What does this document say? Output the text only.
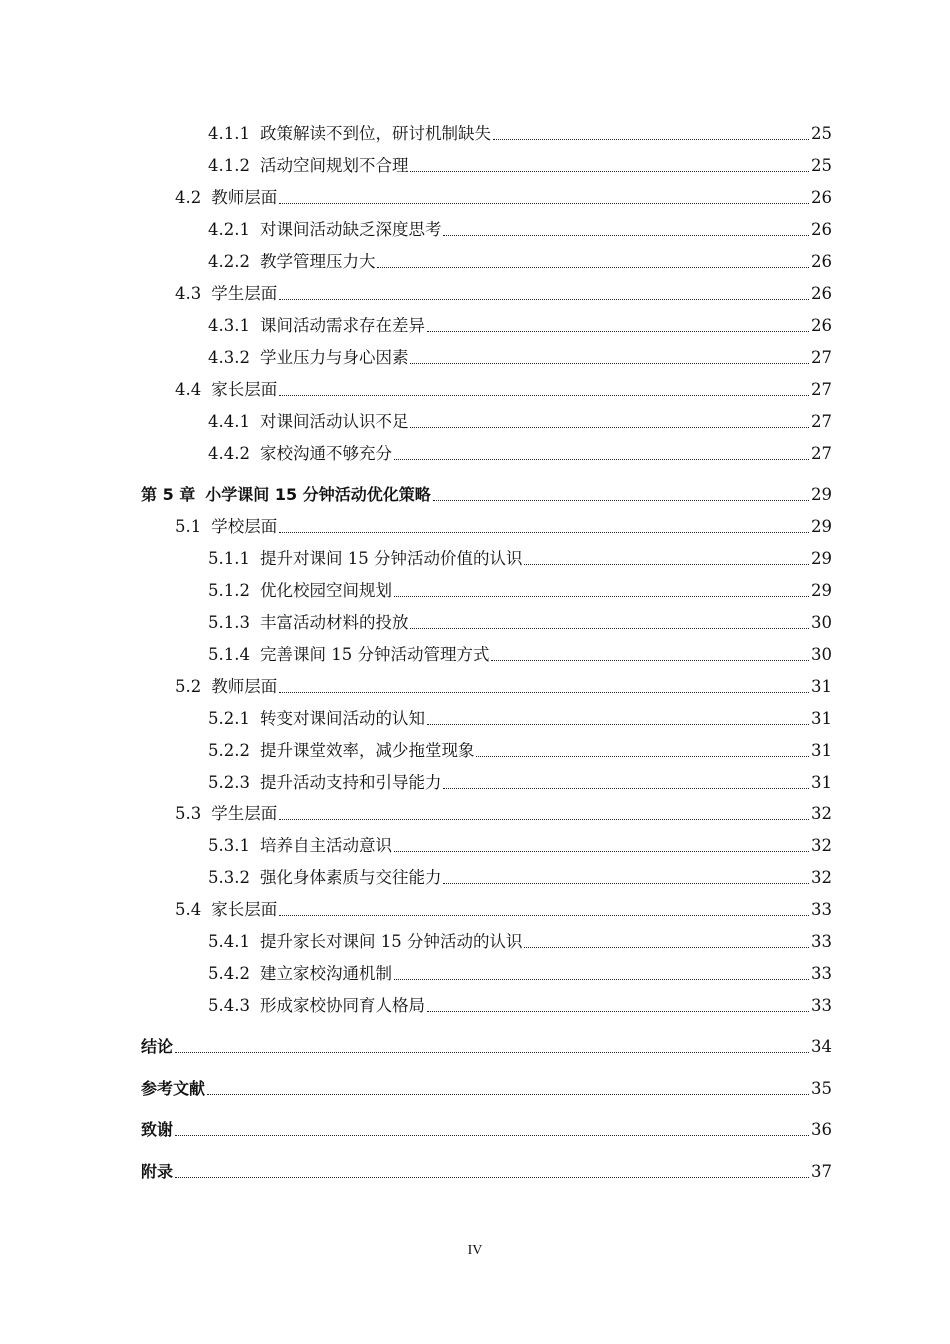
4.1.1 政策解读不到位，研讨机制缺失	25
4.1.2 活动空间规划不合理	25
4.2 教师层面	26
4.2.1 对课间活动缺乏深度思考	26
4.2.2 教学管理压力大	26
4.3 学生层面	26
4.3.1 课间活动需求存在差异	26
4.3.2 学业压力与身心因素	27
4.4 家长层面	27
4.4.1 对课间活动认识不足	27
4.4.2 家校沟通不够充分	27
第 5 章 小学课间 15 分钟活动优化策略	29
5.1 学校层面	29
5.1.1 提升对课间 15 分钟活动价值的认识	29
5.1.2 优化校园空间规划	29
5.1.3 丰富活动材料的投放	30
5.1.4 完善课间 15 分钟活动管理方式	30
5.2 教师层面	31
5.2.1 转变对课间活动的认知	31
5.2.2 提升课堂效率，减少拖堂现象	31
5.2.3 提升活动支持和引导能力	31
5.3 学生层面	32
5.3.1 培养自主活动意识	32
5.3.2 强化身体素质与交往能力	32
5.4 家长层面	33
5.4.1 提升家长对课间 15 分钟活动的认识	33
5.4.2 建立家校沟通机制	33
5.4.3 形成家校协同育人格局	33
结论	34
参考文献	35
致谢	36
附录	37
IV
